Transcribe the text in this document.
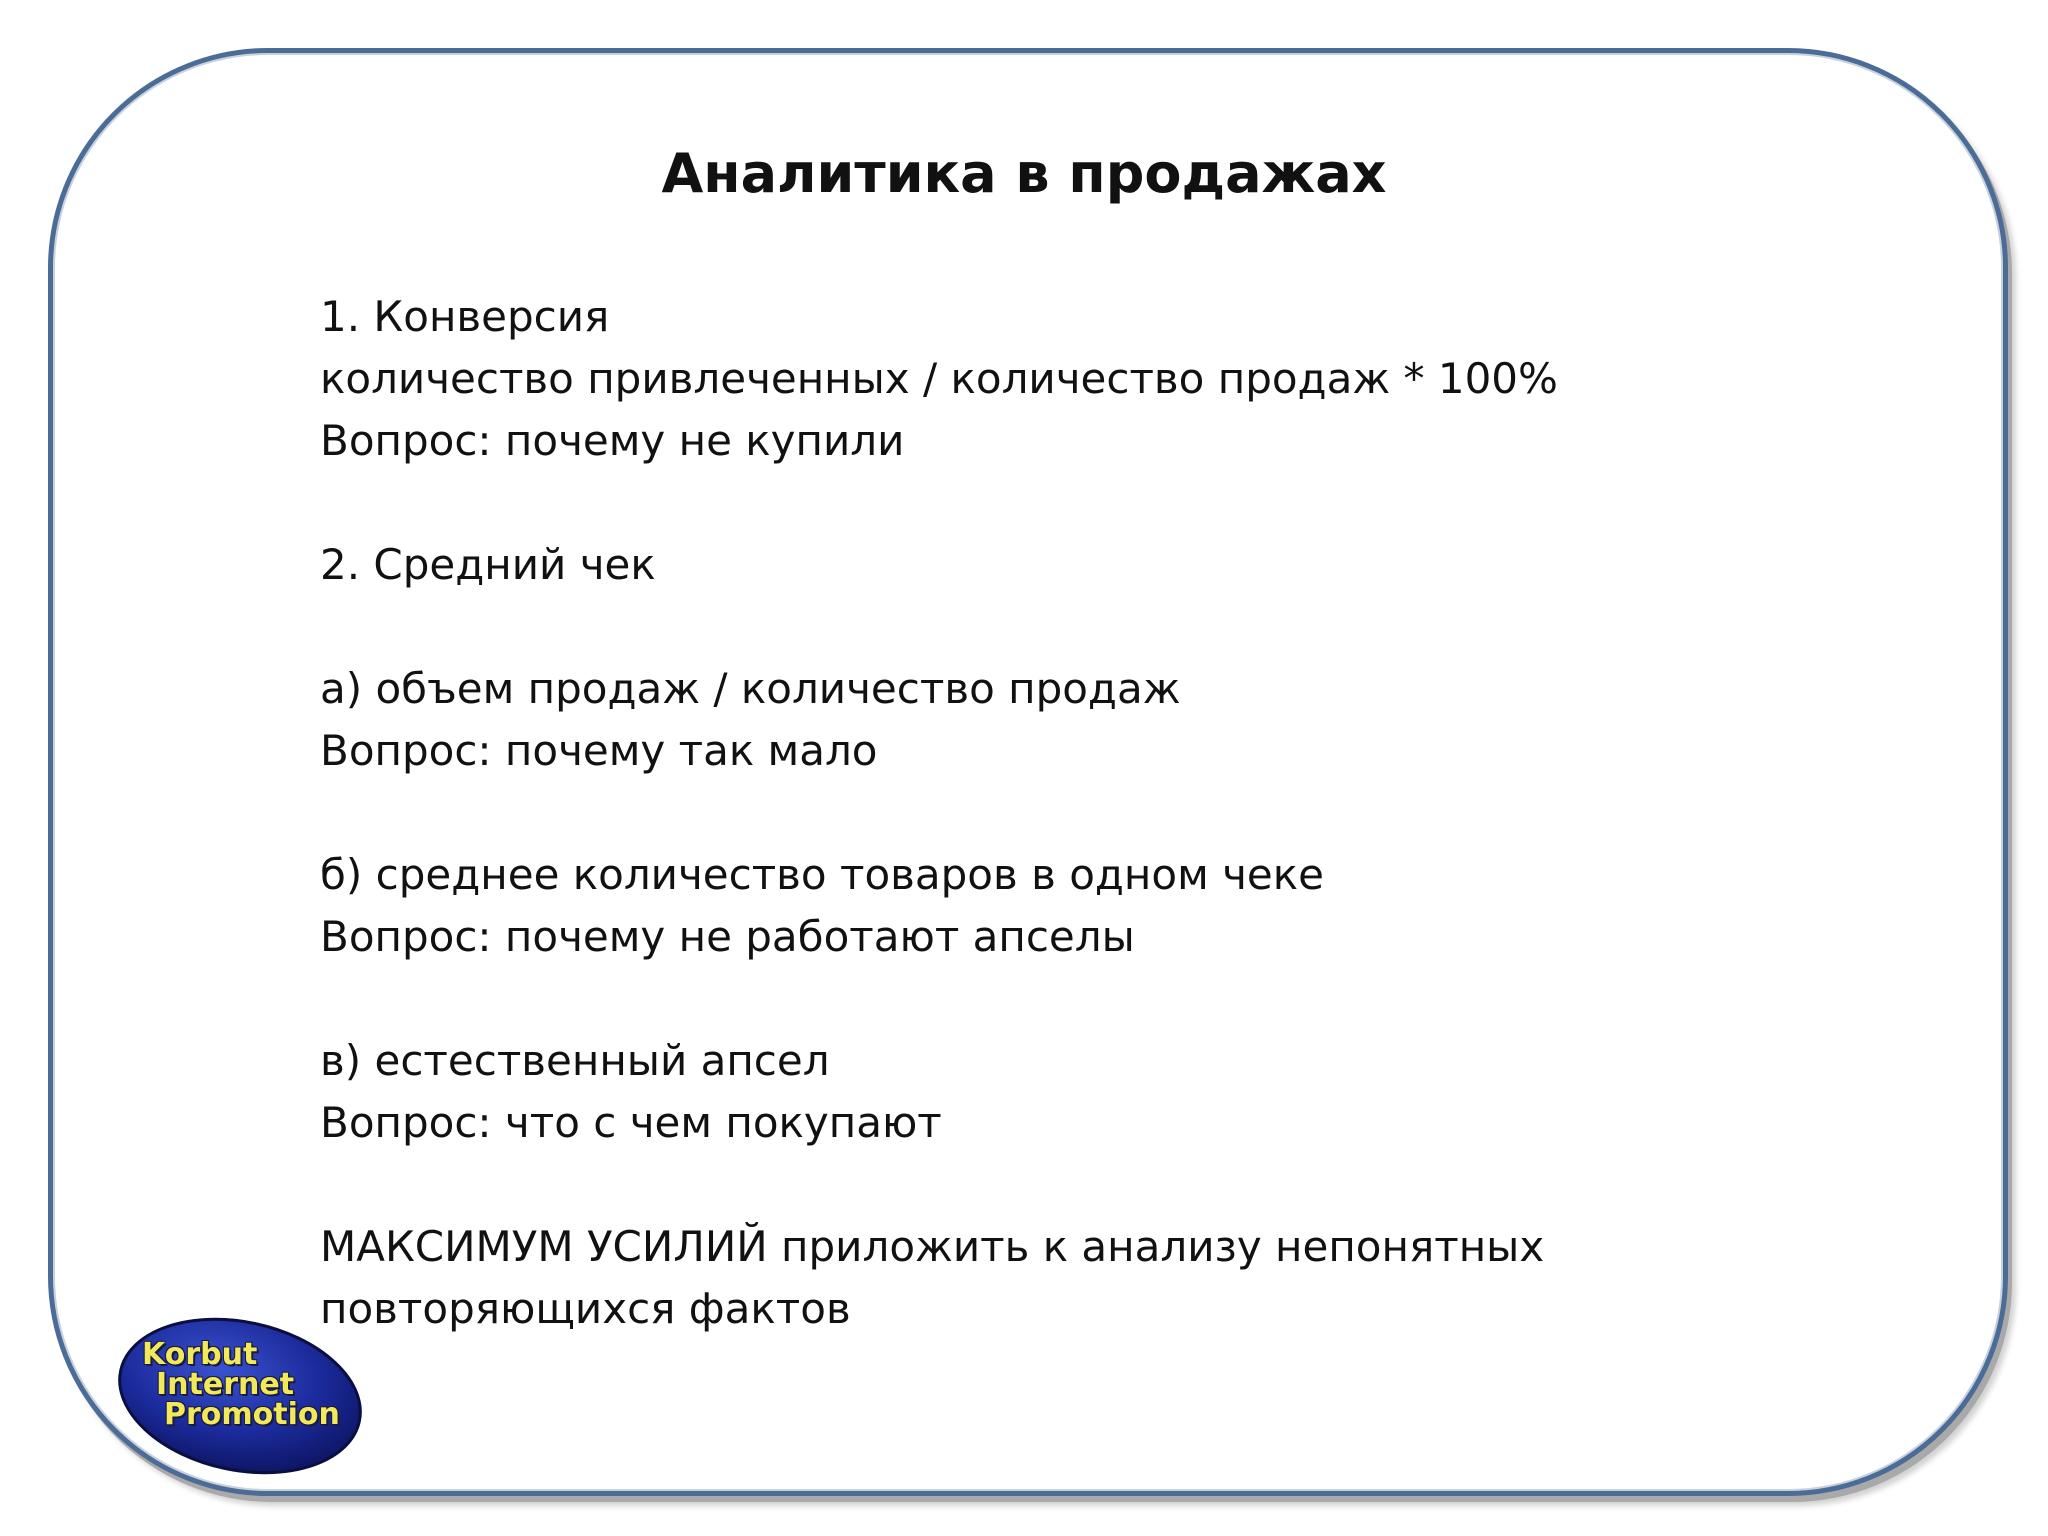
Аналитика в продажах
1. Конверсия
количество привлеченных / количество продаж * 100%
Вопрос: почему не купили
2. Средний чек
а) объем продаж / количество продаж
Вопрос: почему так мало
б) среднее количество товаров в одном чеке
Вопрос: почему не работают апселы
в) естественный апсел
Вопрос: что с чем покупают
МАКСИМУМ УСИЛИЙ приложить к анализу непонятных
повторяющихся фактов
Korbut
Internet
Promotion
